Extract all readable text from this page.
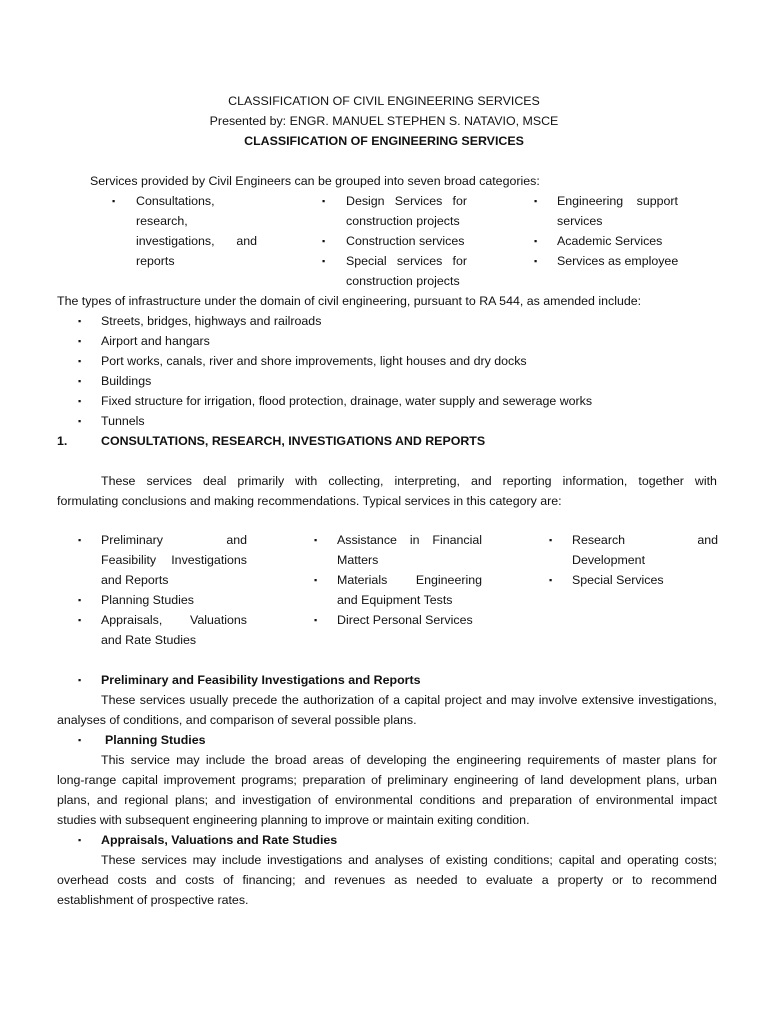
CLASSIFICATION OF CIVIL ENGINEERING SERVICES
Presented by: ENGR. MANUEL STEPHEN S. NATAVIO, MSCE
CLASSIFICATION OF ENGINEERING SERVICES
Services provided by Civil Engineers can be grouped into seven broad categories:
▪ Consultations,
research,
investigations, and
reports
▪ Design Services for
construction projects
▪ Construction services
▪ Special services for
construction projects
▪ Engineering support
services
▪ Academic Services
▪ Services as employee
The types of infrastructure under the domain of civil engineering, pursuant to RA 544, as amended include:
▪ Streets, bridges, highways and railroads
▪ Airport and hangars
▪ Port works, canals, river and shore improvements, light houses and dry docks
▪ Buildings
▪ Fixed structure for irrigation, flood protection, drainage, water supply and sewerage works
▪ Tunnels
1.	CONSULTATIONS, RESEARCH, INVESTIGATIONS AND REPORTS
These services deal primarily with collecting, interpreting, and reporting information, together with
formulating conclusions and making recommendations. Typical services in this category are:
▪ Preliminary	and
Feasibility Investigations
and Reports
▪ Planning Studies
▪ Appraisals, Valuations
and Rate Studies
▪ Assistance in Financial
Matters
▪ Materials Engineering
and Equipment Tests
▪ Direct Personal Services
▪ Research	and
Development
▪ Special Services
▪ Preliminary and Feasibility Investigations and Reports
These services usually precede the authorization of a capital project and may involve extensive investigations,
analyses of conditions, and comparison of several possible plans.
▪ Planning Studies
This service may include the broad areas of developing the engineering requirements of master plans for
long-range capital improvement programs; preparation of preliminary engineering of land development plans, urban
plans, and regional plans; and investigation of environmental conditions and preparation of environmental impact
studies with subsequent engineering planning to improve or maintain exiting condition.
▪ Appraisals, Valuations and Rate Studies
These services may include investigations and analyses of existing conditions; capital and operating costs;
overhead costs and costs of financing; and revenues as needed to evaluate a property or to recommend
establishment of prospective rates.
